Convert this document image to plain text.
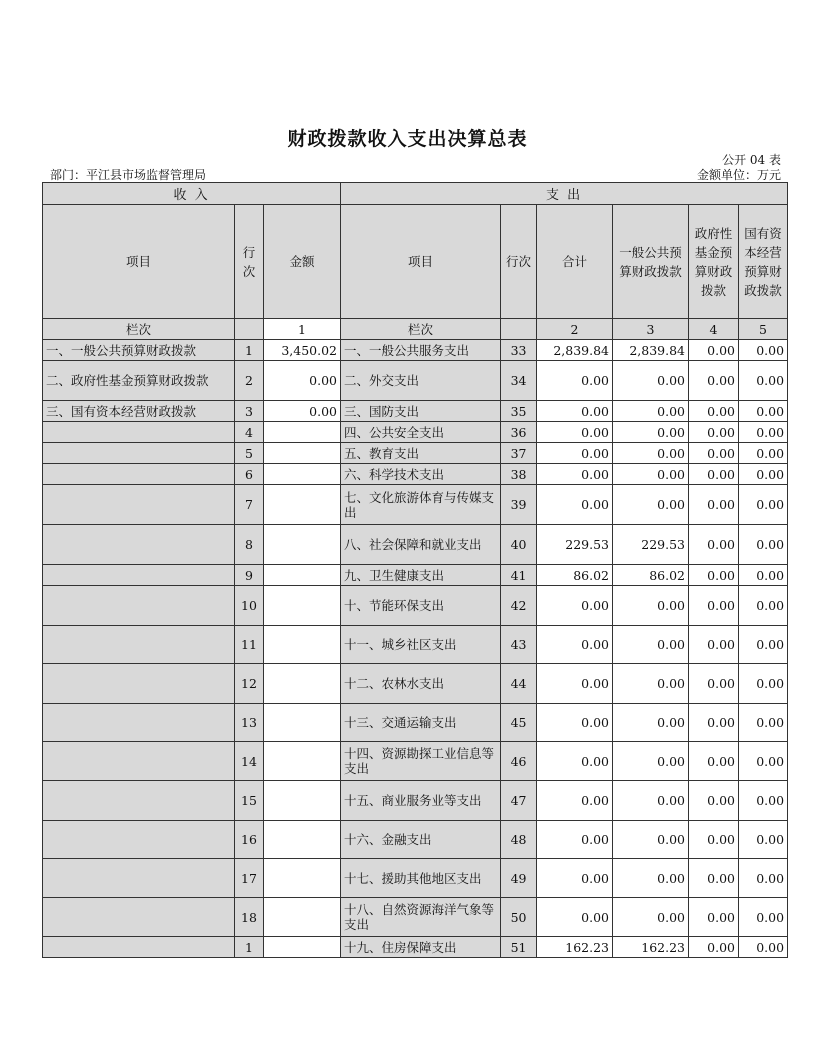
财政拨款收入支出决算总表
公开 04 表
部门：平江县市场监督管理局	金额单位：万元
收 入			支 出					
项目	行次	金额	项目	行次	合计	一般公共预算财政拨款	政府性基金预算财政拨款	国有资本经营预算财政拨款
栏次		1	栏次		2	3	4	5
一、一般公共预算财政拨款	1	3,450.02	一、一般公共服务支出	33	2,839.84	2,839.84	0.00	0.00
二、政府性基金预算财政拨款	2	0.00	二、外交支出	34	0.00	0.00	0.00	0.00
三、国有资本经营财政拨款	3	0.00	三、国防支出	35	0.00	0.00	0.00	0.00
	4		四、公共安全支出	36	0.00	0.00	0.00	0.00
	5		五、教育支出	37	0.00	0.00	0.00	0.00
	6		六、科学技术支出	38	0.00	0.00	0.00	0.00
	7		七、文化旅游体育与传媒支出	39	0.00	0.00	0.00	0.00
	8		八、社会保障和就业支出	40	229.53	229.53	0.00	0.00
	9		九、卫生健康支出	41	86.02	86.02	0.00	0.00
	10		十、节能环保支出	42	0.00	0.00	0.00	0.00
	11		十一、城乡社区支出	43	0.00	0.00	0.00	0.00
	12		十二、农林水支出	44	0.00	0.00	0.00	0.00
	13		十三、交通运输支出	45	0.00	0.00	0.00	0.00
	14		十四、资源勘探工业信息等支出	46	0.00	0.00	0.00	0.00
	15		十五、商业服务业等支出	47	0.00	0.00	0.00	0.00
	16		十六、金融支出	48	0.00	0.00	0.00	0.00
	17		十七、援助其他地区支出	49	0.00	0.00	0.00	0.00
	18		十八、自然资源海洋气象等支出	50	0.00	0.00	0.00	0.00
	1		十九、住房保障支出	51	162.23	162.23	0.00	0.00
